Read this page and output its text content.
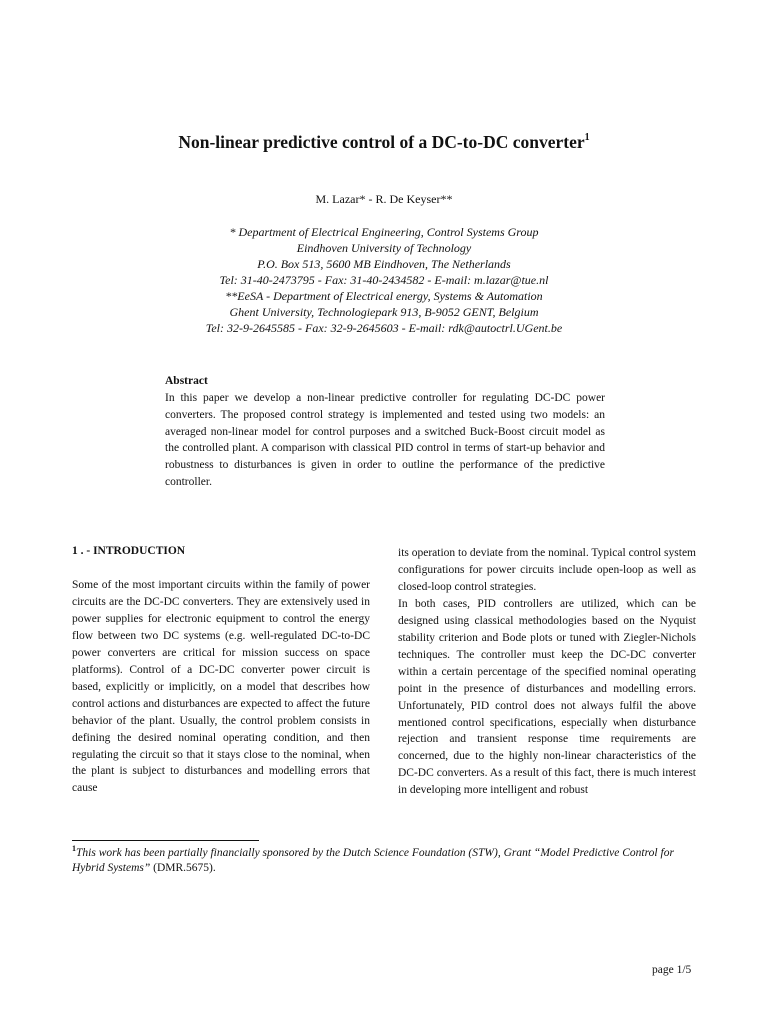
Non-linear predictive control of a DC-to-DC converter$^1$
M. Lazar* - R. De Keyser**
* Department of Electrical Engineering, Control Systems Group
Eindhoven University of Technology
P.O. Box 513, 5600 MB Eindhoven, The Netherlands
Tel: 31-40-2473795 - Fax: 31-40-2434582 - E-mail: m.lazar@tue.nl
**EeSA - Department of Electrical energy, Systems & Automation
Ghent University, Technologiepark 913, B-9052 GENT, Belgium
Tel: 32-9-2645585 - Fax: 32-9-2645603 - E-mail: rdk@autoctrl.UGent.be
Abstract
In this paper we develop a non-linear predictive controller for regulating DC-DC power converters. The proposed control strategy is implemented and tested using two models: an averaged non-linear model for control purposes and a switched Buck-Boost circuit model as the controlled plant. A comparison with classical PID control in terms of start-up behavior and robustness to disturbances is given in order to outline the performance of the predictive controller.
1 . - INTRODUCTION

Some of the most important circuits within the family of power circuits are the DC-DC converters. They are extensively used in power supplies for electronic equipment to control the energy flow between two DC systems (e.g. well-regulated DC-to-DC power converters are critical for mission success on space platforms). Control of a DC-DC converter power circuit is based, explicitly or implicitly, on a model that describes how control actions and disturbances are expected to affect the future behavior of the plant. Usually, the control problem consists in defining the desired nominal operating condition, and then regulating the circuit so that it stays close to the nominal, when the plant is subject to disturbances and modelling errors that cause

its operation to deviate from the nominal. Typical control system configurations for power circuits include open-loop as well as closed-loop control strategies.

In both cases, PID controllers are utilized, which can be designed using classical methodologies based on the Nyquist stability criterion and Bode plots or tuned with Ziegler-Nichols techniques. The controller must keep the DC-DC converter within a certain percentage of the specified nominal operating point in the presence of disturbances and modelling errors. Unfortunately, PID control does not always fulfil the above mentioned control specifications, especially when disturbance rejection and transient response time requirements are concerned, due to the highly non-linear characteristics of the DC-DC converters. As a result of this fact, there is much interest in developing more intelligent and robust

$^1$This work has been partially financially sponsored by the Dutch Science Foundation (STW), Grant “Model Predictive Control for Hybrid Systems” (DMR.5675).
page 1/5
